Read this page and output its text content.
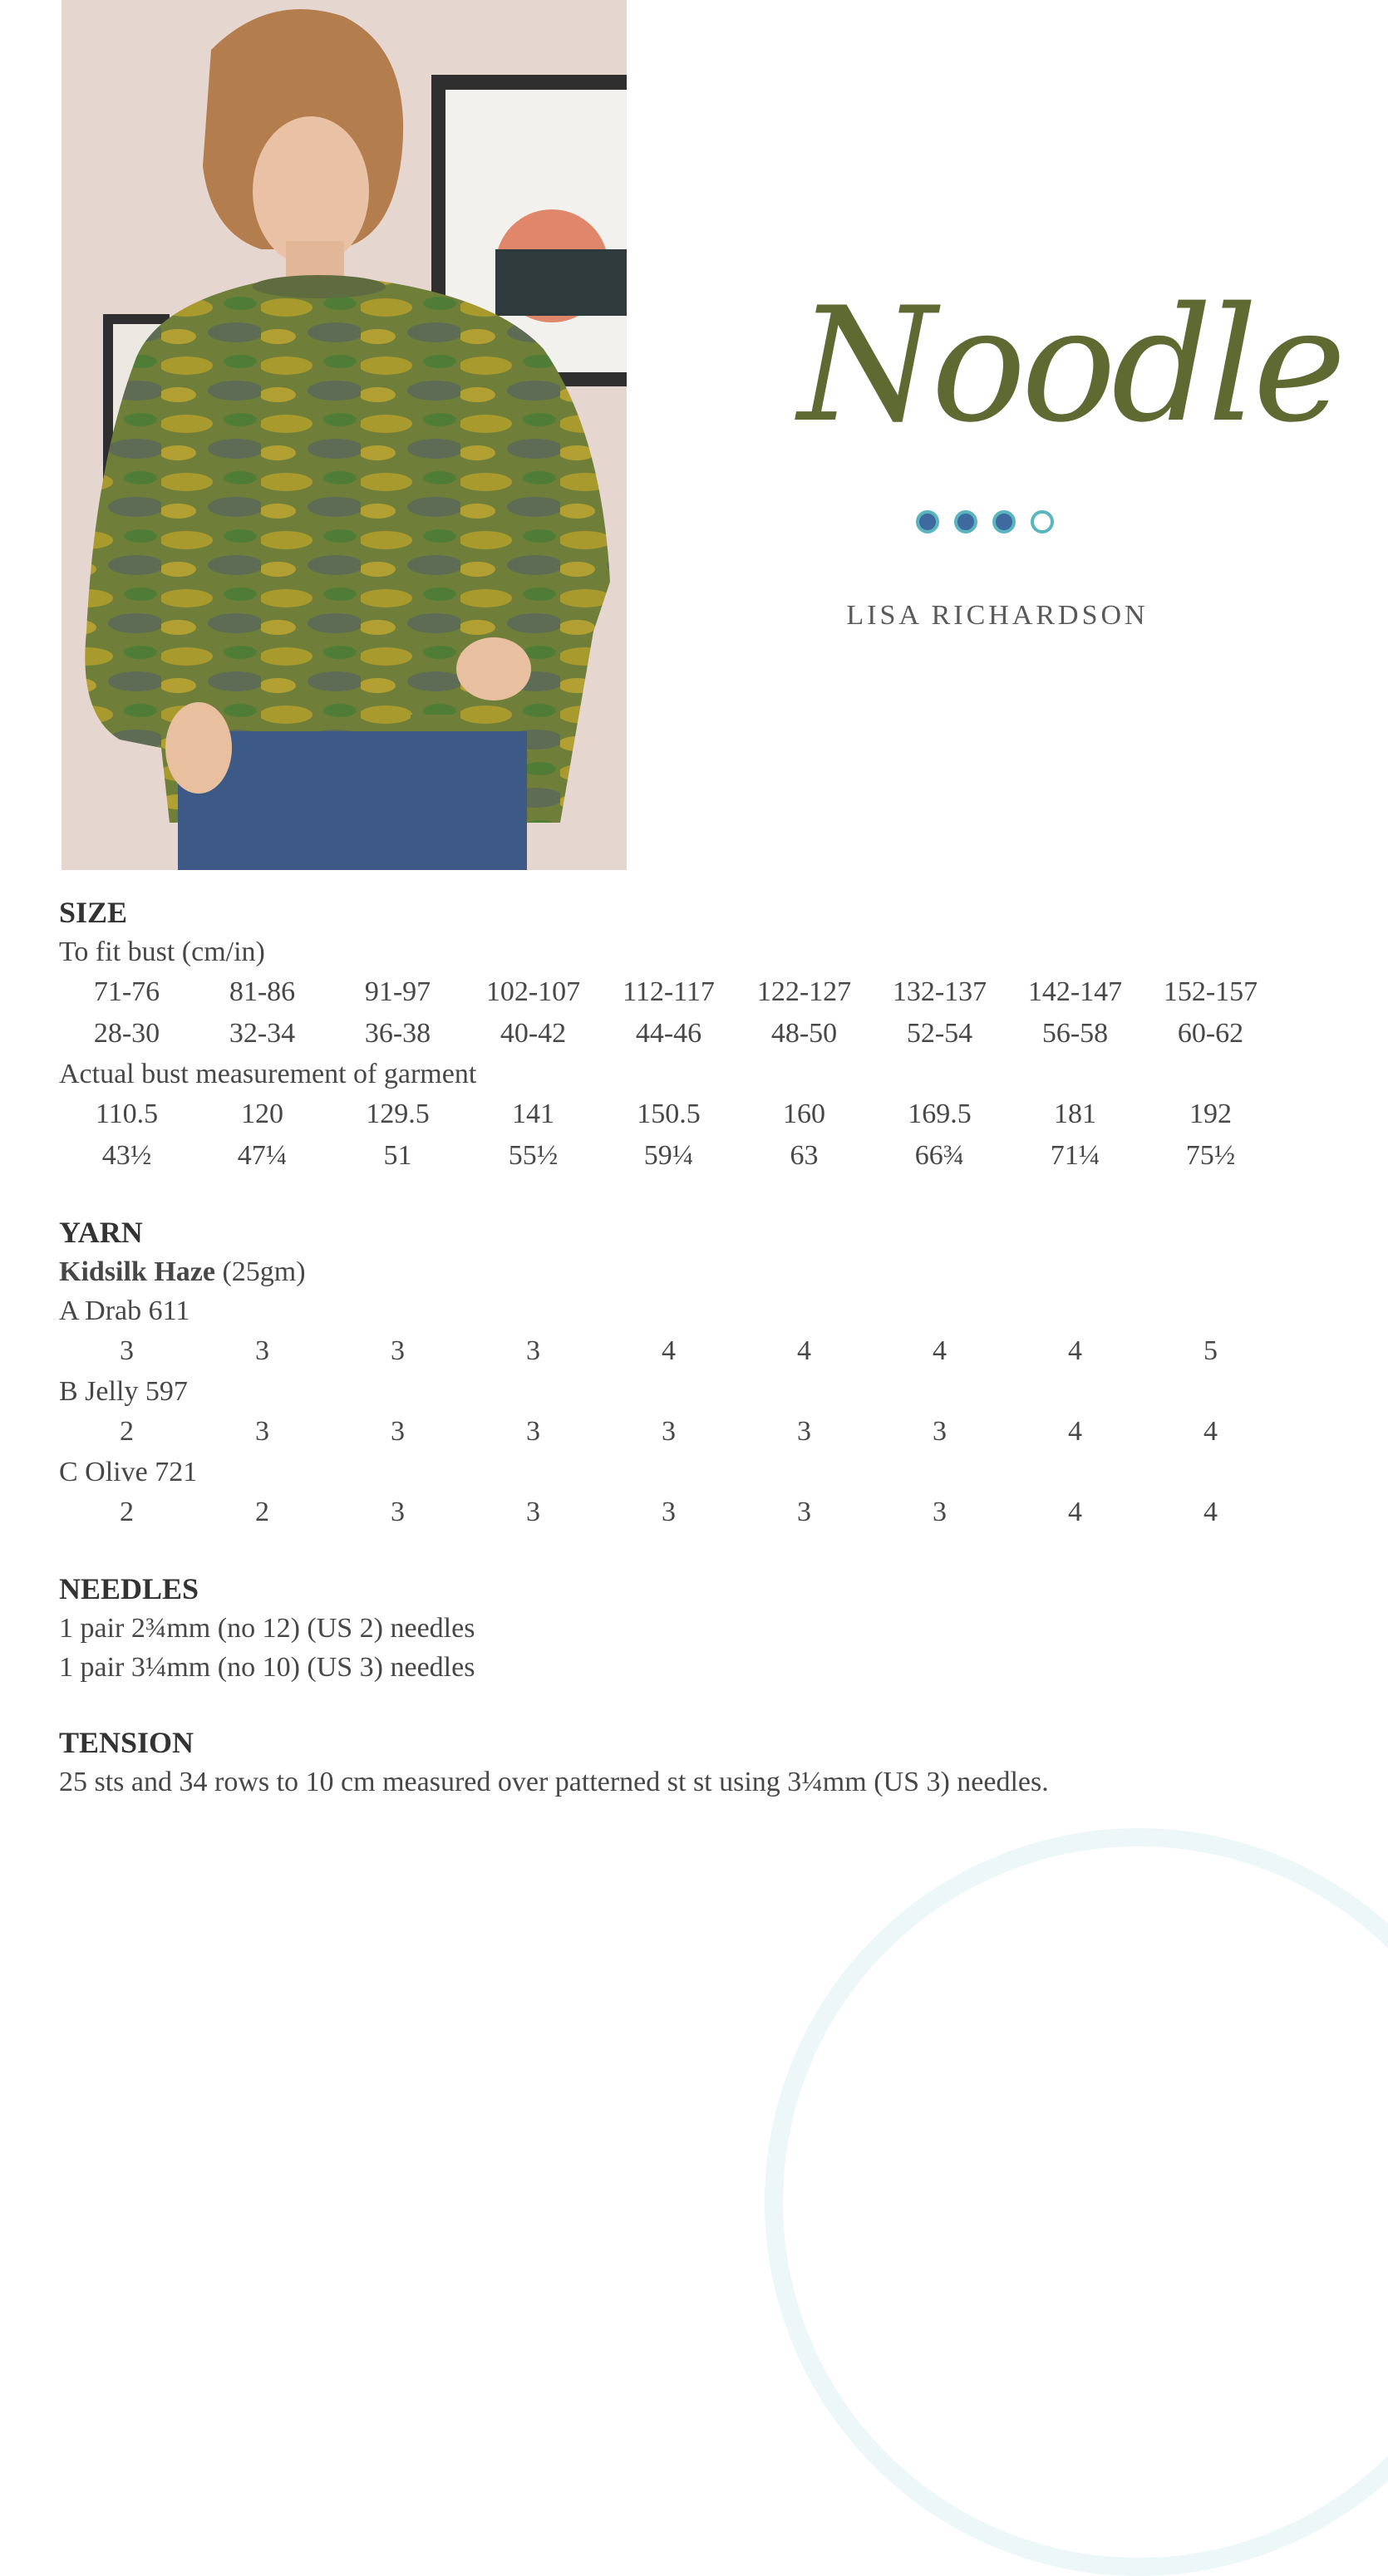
Noodle
LISA RICHARDSON
SIZE
To fit bust (cm/in)
71-76	81-86	91-97	102-107	112-117	122-127	132-137	142-147	152-157
28-30	32-34	36-38	40-42	44-46	48-50	52-54	56-58	60-62
Actual bust measurement of garment
110.5	120	129.5	141	150.5	160	169.5	181	192
43½	47¼	51	55½	59¼	63	66¾	71¼	75½
YARN
Kidsilk Haze (25gm)
A Drab 611
3	3	3	3	4	4	4	4	5
B Jelly 597
2	3	3	3	3	3	3	4	4
C Olive 721
2	2	3	3	3	3	3	4	4
NEEDLES
1 pair 2¾mm (no 12) (US 2) needles
1 pair 3¼mm (no 10) (US 3) needles
TENSION
25 sts and 34 rows to 10 cm measured over patterned st st using 3¼mm (US 3) needles.
